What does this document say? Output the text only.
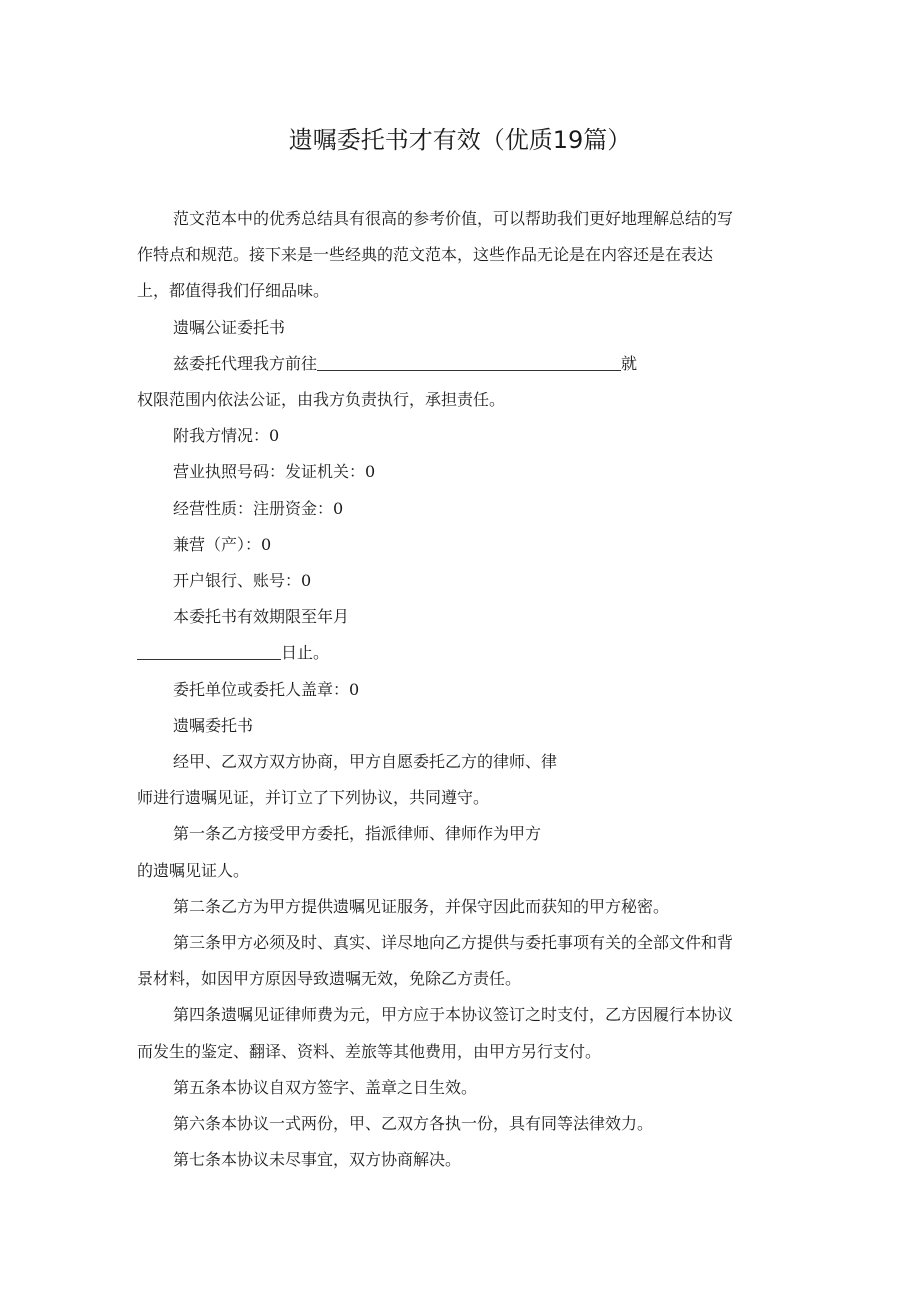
遗嘱委托书才有效（优质19篇）

范文范本中的优秀总结具有很高的参考价值，可以帮助我们更好地理解总结的写

作特点和规范。接下来是一些经典的范文范本，这些作品无论是在内容还是在表达

上，都值得我们仔细品味。

遗嘱公证委托书

兹委托代理我方前往	就

权限范围内依法公证，由我方负责执行，承担责任。

附我方情况：0

营业执照号码：发证机关：0

经营性质：注册资金：0

兼营（产）：0

开户银行、账号：0

本委托书有效期限至年月

日止。

委托单位或委托人盖章：0

遗嘱委托书

经甲、乙双方双方协商，甲方自愿委托乙方的律师、律

师进行遗嘱见证，并订立了下列协议，共同遵守。

第一条乙方接受甲方委托，指派律师、律师作为甲方

的遗嘱见证人。

第二条乙方为甲方提供遗嘱见证服务，并保守因此而获知的甲方秘密。

第三条甲方必须及时、真实、详尽地向乙方提供与委托事项有关的全部文件和背

景材料，如因甲方原因导致遗嘱无效，免除乙方责任。

第四条遗嘱见证律师费为元，甲方应于本协议签订之时支付，乙方因履行本协议

而发生的鉴定、翻译、资料、差旅等其他费用，由甲方另行支付。

第五条本协议自双方签字、盖章之日生效。

第六条本协议一式两份，甲、乙双方各执一份，具有同等法律效力。

第七条本协议未尽事宜，双方协商解决。
